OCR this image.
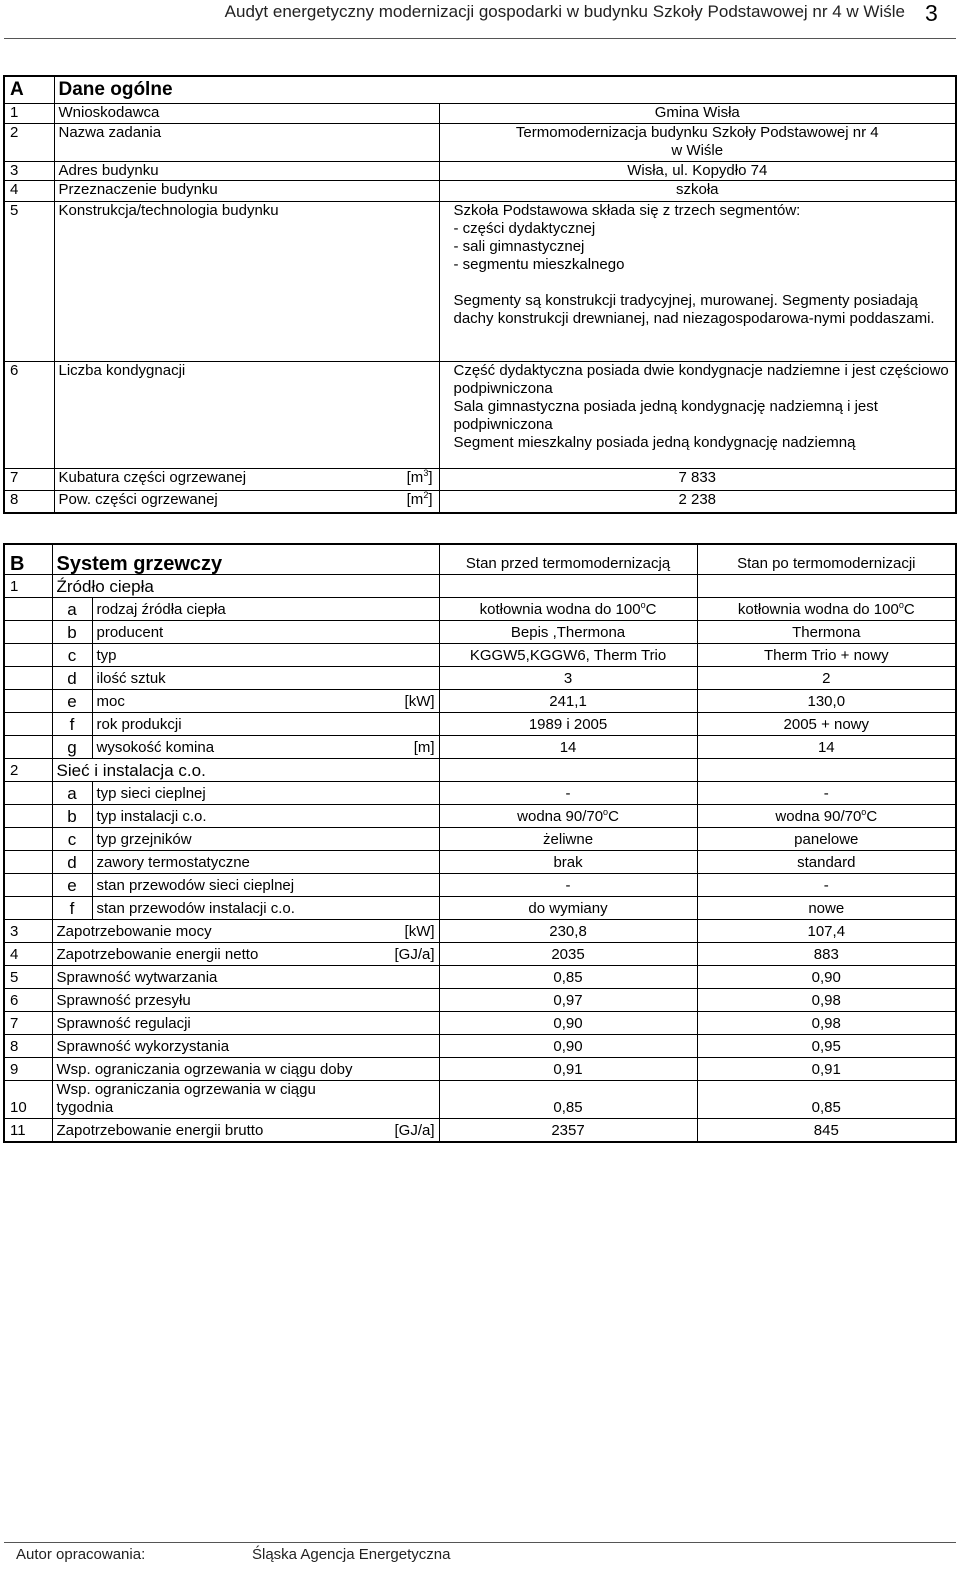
Audyt energetyczny modernizacji gospodarki w budynku Szkoły Podstawowej nr 4 w Wiśle 3
A	Dane ogólne	
1	Wnioskodawca	Gmina Wisła
2	Nazwa zadania	Termomodernizacja budynku Szkoły Podstawowej nr 4
w Wiśle
3	Adres budynku	Wisła, ul. Kopydło 74
4	Przeznaczenie budynku	szkoła
5	Konstrukcja/technologia budynku	Szkoła Podstawowa składa się z trzech segmentów:
- części dydaktycznej
- sali gimnastycznej
- segmentu mieszkalnego

Segmenty są konstrukcji tradycyjnej, murowanej. Segmenty posiadają dachy konstrukcji drewnianej, nad niezagospodarowa-nymi poddaszami.
6	Liczba kondygnacji	Część dydaktyczna posiada dwie kondygnacje nadziemne i jest częściowo podpiwniczona
Sala gimnastyczna posiada jedną kondygnację nadziemną i jest podpiwniczona
Segment mieszkalny posiada jedną kondygnację nadziemną
7	Kubatura części ogrzewanej $[m^3]$	7 833
8	Pow. części ogrzewanej $[m^2]$	2 238
B	System grzewczy			Stan przed termomodernizacją	Stan po termomodernizacji
1	Źródło ciepła				
	a	rodzaj źródła ciepła		kotłownia wodna do 100$^o$C	kotłownia wodna do 100$^o$C
	b	producent		Bepis ,Thermona	Thermona
	c	typ		KGGW5,KGGW6, Therm Trio	Therm Trio + nowy
	d	ilość sztuk		3	2
	e	moc	[kW]	241,1	130,0
	f	rok produkcji		1989 i 2005	2005 + nowy
	g	wysokość komina	[m]	14	14
2	Sieć i instalacja c.o.				
	a	typ sieci cieplnej		-	-
	b	typ instalacji c.o.		wodna 90/70$^o$C	wodna 90/70$^o$C
	c	typ grzejników		żeliwne	panelowe
	d	zawory termostatyczne		brak	standard
	e	stan przewodów sieci cieplnej		-	-
	f	stan przewodów instalacji c.o.		do wymiany	nowe
3	Zapotrzebowanie mocy		[kW]	230,8	107,4
4	Zapotrzebowanie energii netto		[GJ/a]	2035	883
5	Sprawność wytwarzania			0,85	0,90
6	Sprawność przesyłu			0,97	0,98
7	Sprawność regulacji			0,90	0,98
8	Sprawność wykorzystania			0,90	0,95
9	Wsp. ograniczania ogrzewania w ciągu doby			0,91	0,91
10	Wsp. ograniczania ogrzewania w ciągu tygodnia			0,85	0,85
11	Zapotrzebowanie energii brutto		[GJ/a]	2357	845
Autor opracowania:	Śląska Agencja Energetyczna
